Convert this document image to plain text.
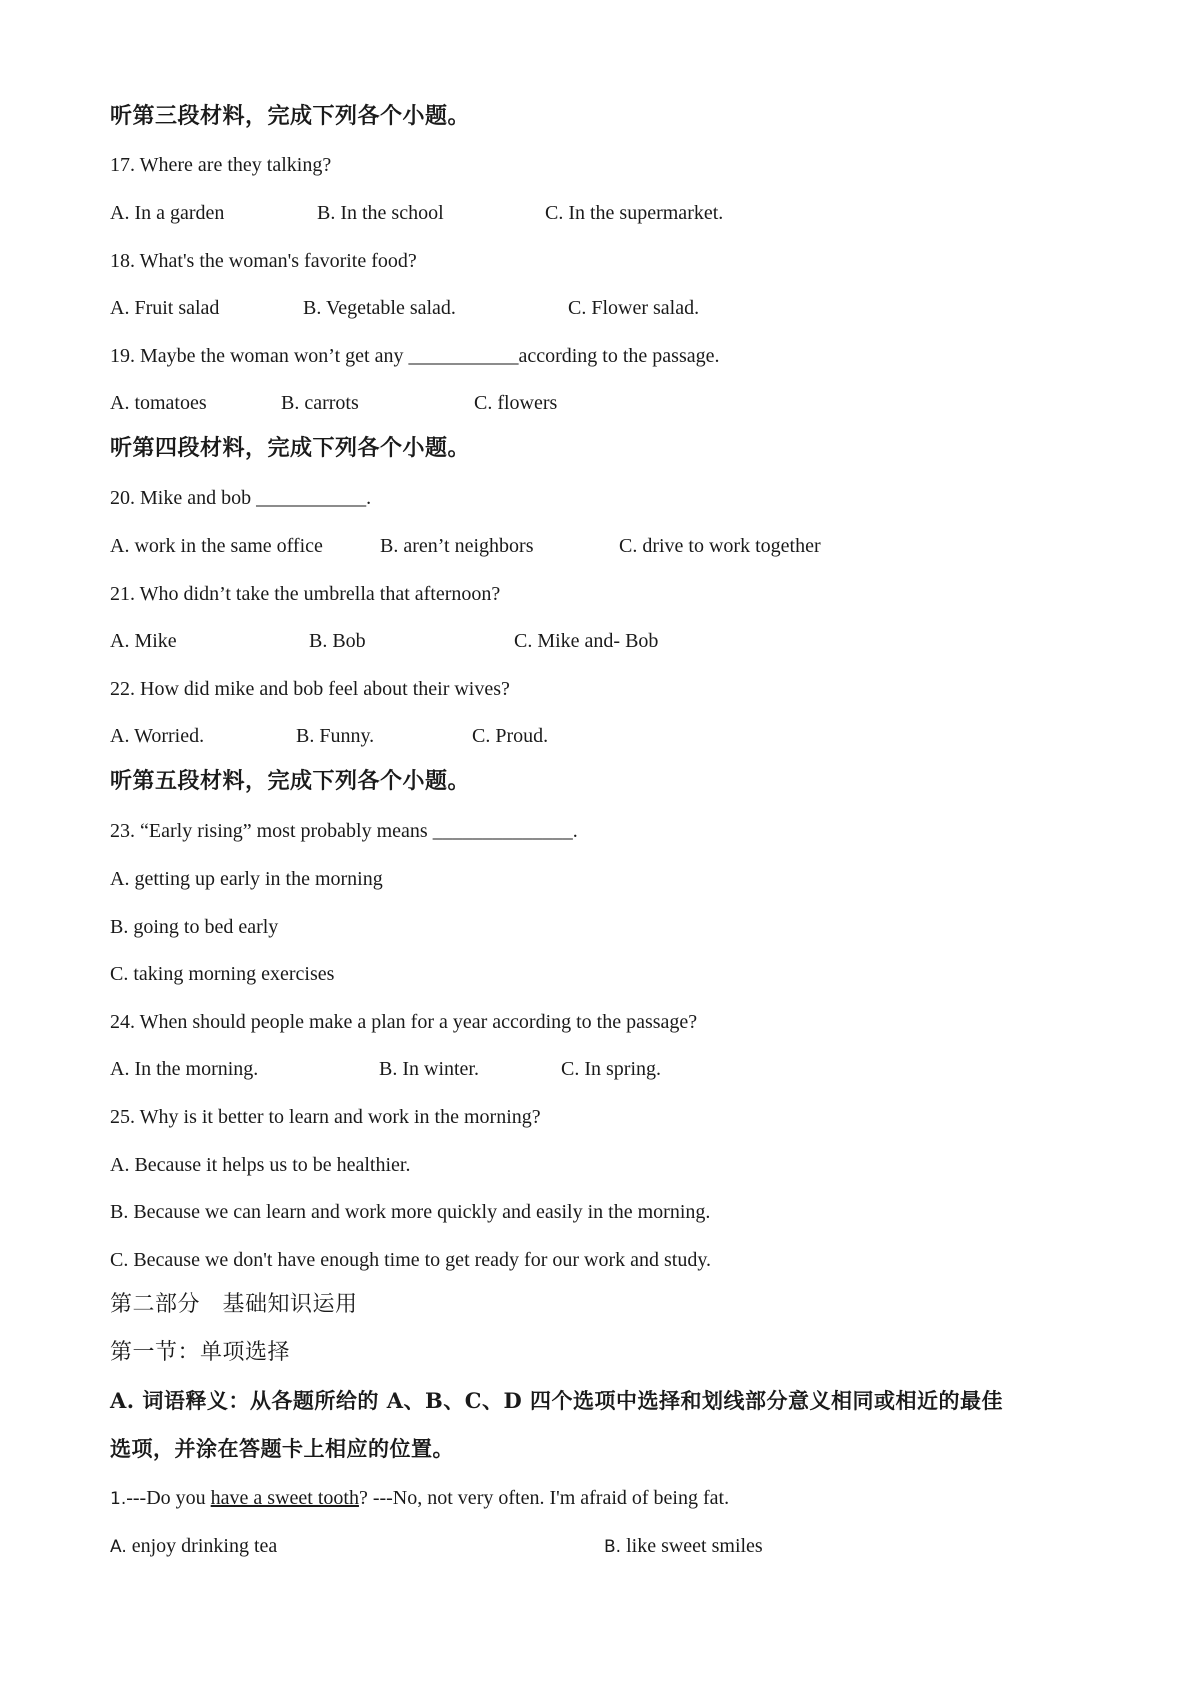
听第三段材料，完成下列各个小题。
17. Where are they talking?
A. In a garden	B. In the school	C. In the supermarket.
18. What's the woman's favorite food?
A. Fruit salad	B. Vegetable salad.	C. Flower salad.
19. Maybe the woman won’t get any ___________according to the passage.
A. tomatoes	B. carrots	C. flowers
听第四段材料，完成下列各个小题。
20. Mike and bob ___________.
A. work in the same office	B. aren’t neighbors	C. drive to work together
21. Who didn’t take the umbrella that afternoon?
A. Mike	B. Bob	C. Mike and- Bob
22. How did mike and bob feel about their wives?
A. Worried.	B. Funny.	C. Proud.
听第五段材料，完成下列各个小题。
23. “Early rising” most probably means ______________.
A. getting up early in the morning
B. going to bed early
C. taking morning exercises
24. When should people make a plan for a year according to the passage?
A. In the morning.	B. In winter.	C. In spring.
25. Why is it better to learn and work in the morning?
A. Because it helps us to be healthier.
B. Because we can learn and work more quickly and easily in the morning.
C. Because we don't have enough time to get ready for our work and study.
第二部分　基础知识运用
第一节：单项选择
A. 词语释义：从各题所给的 A、B、C、D 四个选项中选择和划线部分意义相同或相近的最佳
选项，并涂在答题卡上相应的位置。
1.---Do you have a sweet tooth? ---No, not very often. I'm afraid of being fat.
A. enjoy drinking tea	B. like sweet smiles
